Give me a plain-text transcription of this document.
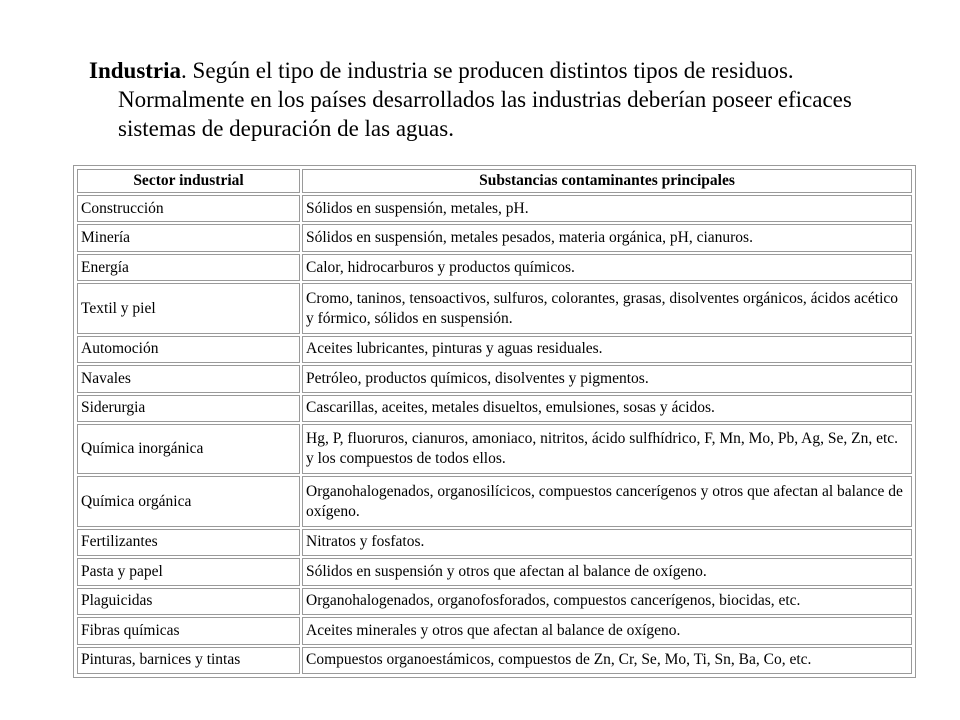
Industria. Según el tipo de industria se producen distintos tipos de residuos. Normalmente en los países desarrollados las industrias deberían poseer eficaces sistemas de depuración de las aguas.

Sector industrial	Substancias contaminantes principales
Construcción	Sólidos en suspensión, metales, pH.
Minería	Sólidos en suspensión, metales pesados, materia orgánica, pH, cianuros.
Energía	Calor, hidrocarburos y productos químicos.
Textil y piel	Cromo, taninos, tensoactivos, sulfuros, colorantes, grasas, disolventes orgánicos, ácidos acético y fórmico, sólidos en suspensión.
Automoción	Aceites lubricantes, pinturas y aguas residuales.
Navales	Petróleo, productos químicos, disolventes y pigmentos.
Siderurgia	Cascarillas, aceites, metales disueltos, emulsiones, sosas y ácidos.
Química inorgánica	Hg, P, fluoruros, cianuros, amoniaco, nitritos, ácido sulfhídrico, F, Mn, Mo, Pb, Ag, Se, Zn, etc. y los compuestos de todos ellos.
Química orgánica	Organohalogenados, organosilícicos, compuestos cancerígenos y otros que afectan al balance de oxígeno.
Fertilizantes	Nitratos y fosfatos.
Pasta y papel	Sólidos en suspensión y otros que afectan al balance de oxígeno.
Plaguicidas	Organohalogenados, organofosforados, compuestos cancerígenos, biocidas, etc.
Fibras químicas	Aceites minerales y otros que afectan al balance de oxígeno.
Pinturas, barnices y tintas	Compuestos organoestámicos, compuestos de Zn, Cr, Se, Mo, Ti, Sn, Ba, Co, etc.
